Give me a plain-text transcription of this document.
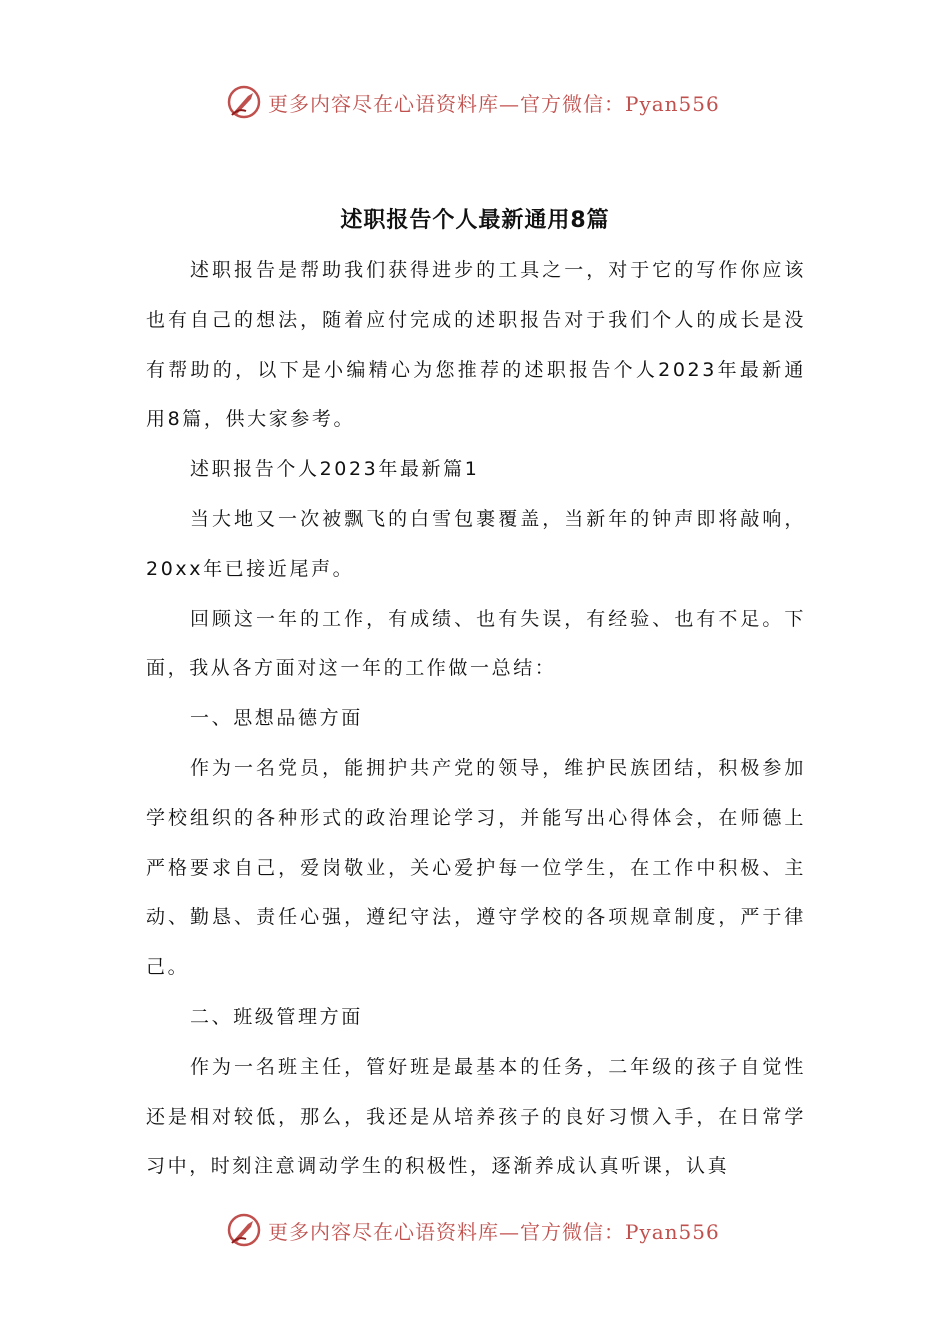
更多内容尽在心语资料库—官方微信：Pyan556
述职报告个人最新通用8篇

述职报告是帮助我们获得进步的工具之一，对于它的写作你应该也有自己的想法，随着应付完成的述职报告对于我们个人的成长是没有帮助的，以下是小编精心为您推荐的述职报告个人2023年最新通用8篇，供大家参考。

述职报告个人2023年最新篇1

当大地又一次被飘飞的白雪包裹覆盖，当新年的钟声即将敲响，20xx年已接近尾声。

回顾这一年的工作，有成绩、也有失误，有经验、也有不足。下面，我从各方面对这一年的工作做一总结：

一、思想品德方面

作为一名党员，能拥护共产党的领导，维护民族团结，积极参加学校组织的各种形式的政治理论学习，并能写出心得体会，在师德上严格要求自己，爱岗敬业，关心爱护每一位学生，在工作中积极、主动、勤恳、责任心强，遵纪守法，遵守学校的各项规章制度，严于律己。

二、班级管理方面

作为一名班主任，管好班是最基本的任务，二年级的孩子自觉性还是相对较低，那么，我还是从培养孩子的良好习惯入手，在日常学习中，时刻注意调动学生的积极性，逐渐养成认真听课，认真

更多内容尽在心语资料库—官方微信：Pyan556
